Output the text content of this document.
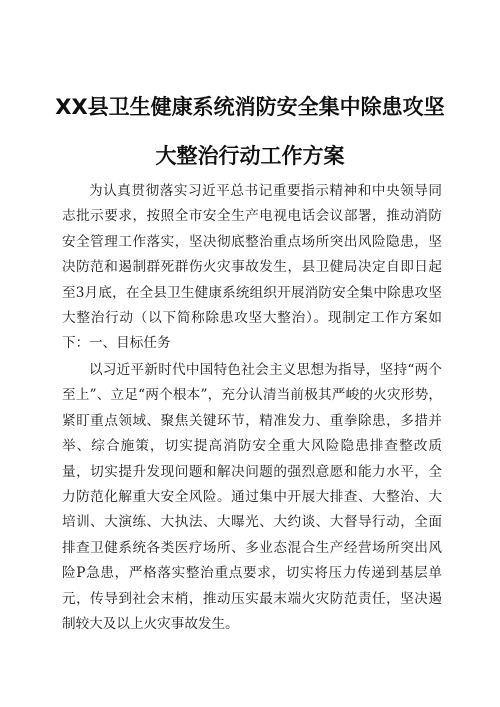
XX县卫生健康系统消防安全集中除患攻坚
大整治行动工作方案

为认真贯彻落实习近平总书记重要指示精神和中央领导同志批示要求，按照全市安全生产电视电话会议部署，推动消防安全管理工作落实，坚决彻底整治重点场所突出风险隐患，坚决防范和遏制群死群伤火灾事故发生，县卫健局决定自即日起至3月底，在全县卫生健康系统组织开展消防安全集中除患攻坚大整治行动（以下简称除患攻坚大整治）。现制定工作方案如下： 一、目标任务

以习近平新时代中国特色社会主义思想为指导，坚持“两个至上”、立足“两个根本”，充分认清当前极其严峻的火灾形势，紧盯重点领域、聚焦关键环节，精准发力、重拳除患，多措并举、综合施策，切实提高消防安全重大风险隐患排查整改质量，切实提升发现问题和解决问题的强烈意愿和能力水平，全力防范化解重大安全风险。通过集中开展大排查、大整治、大培训、大演练、大执法、大曝光、大约谈、大督导行动，全面排查卫健系统各类医疗场所、多业态混合生产经营场所突出风险P急患，严格落实整治重点要求，切实将压力传递到基层单元，传导到社会末梢，推动压实最末端火灾防范责任，坚决遏制较大及以上火灾事故发生。
